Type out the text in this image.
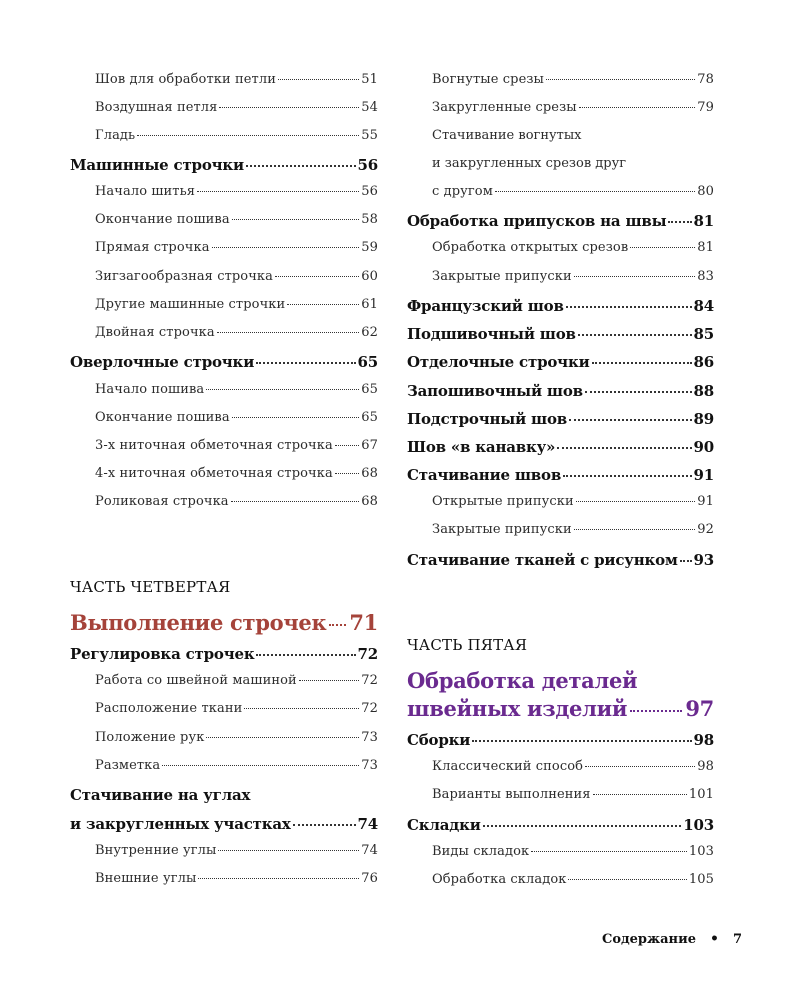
ЧАСТЬ ЧЕТВЕРТАЯ
Выполнение строчек 71
Шов для обработки петли	51
Воздушная петля	54
Гладь	55
Машинные строчки	56
Начало шитья	56
Окончание пошива	58
Прямая строчка	59
Зигзагообразная строчка	60
Другие машинные строчки	61
Двойная строчка	62
Оверлочные строчки	65
Начало пошива	65
Окончание пошива	65
3-х ниточная обметочная строчка 67
4-х ниточная обметочная строчка 68
Роликовая строчка	68
Регулировка строчек	72
Работа со швейной машиной	72
Расположение ткани	72
Положение рук	73
Разметка	73
Стачивание на углах
и закругленных участках	74
Внутренние углы	74
Внешние углы	76
ЧАСТЬ ПЯТАЯ
Обработка деталей
швейных изделий	97
Вогнутые срезы	78
Закругленные срезы	79
Стачивание вогнутых
и закругленных срезов друг
с другом	80
Обработка припусков на швы 81
Обработка открытых срезов	81
Закрытые припуски	83
Французский шов	84
Подшивочный шов	85
Отделочные строчки	86
Запошивочный шов	88
Подстрочный шов	89
Шов «в канавку»	90
Стачивание швов	91
Открытые припуски	91
Закрытые припуски	92
Стачивание тканей с рисунком 93
Сборки	98
Классический способ	98
Варианты выполнения	101
Складки	103
Виды складок	103
Обработка складок	105
Содержание • 7
